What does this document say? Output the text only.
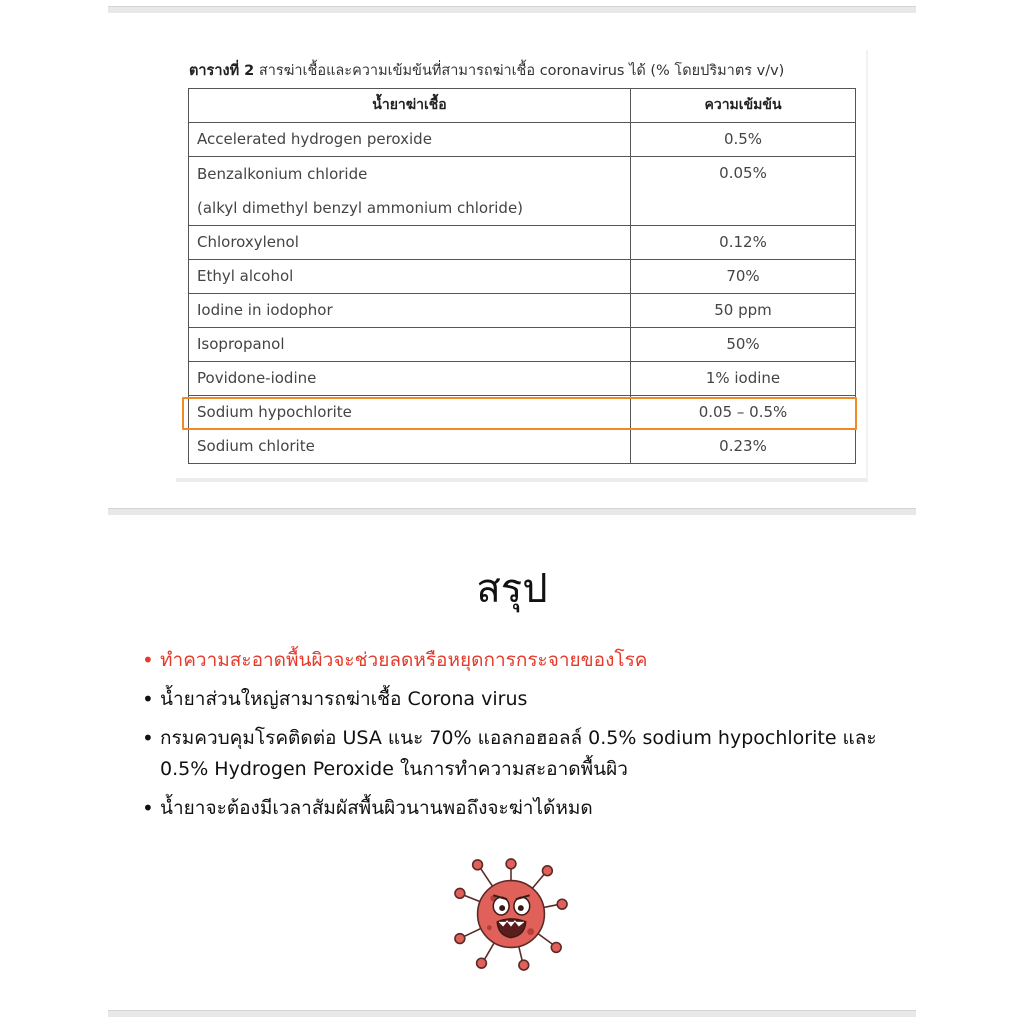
ตารางที่ 2 สารฆ่าเชื้อและความเข้มข้นที่สามารถฆ่าเชื้อ coronavirus ได้ (% โดยปริมาตร v/v)
น้ำยาฆ่าเชื้อ	ความเข้มข้น
Accelerated hydrogen peroxide	0.5%

Benzalkonium chloride
(alkyl dimethyl benzyl ammonium chloride)	0.05%
Chloroxylenol	0.12%
Ethyl alcohol	70%
Iodine in iodophor	50 ppm
Isopropanol	50%
Povidone-iodine	1% iodine
Sodium hypochlorite	0.05 – 0.5%
Sodium chlorite	0.23%
สรุป
• ทำความสะอาดพื้นผิวจะช่วยลดหรือหยุดการกระจายของโรค
• น้ำยาส่วนใหญ่สามารถฆ่าเชื้อ Corona virus
• กรมควบคุมโรคติดต่อ USA แนะ 70% แอลกอฮอลล์ 0.5% sodium hypochlorite และ 0.5% Hydrogen Peroxide ในการทำความสะอาดพื้นผิว
• น้ำยาจะต้องมีเวลาสัมผัสพื้นผิวนานพอถึงจะฆ่าได้หมด
